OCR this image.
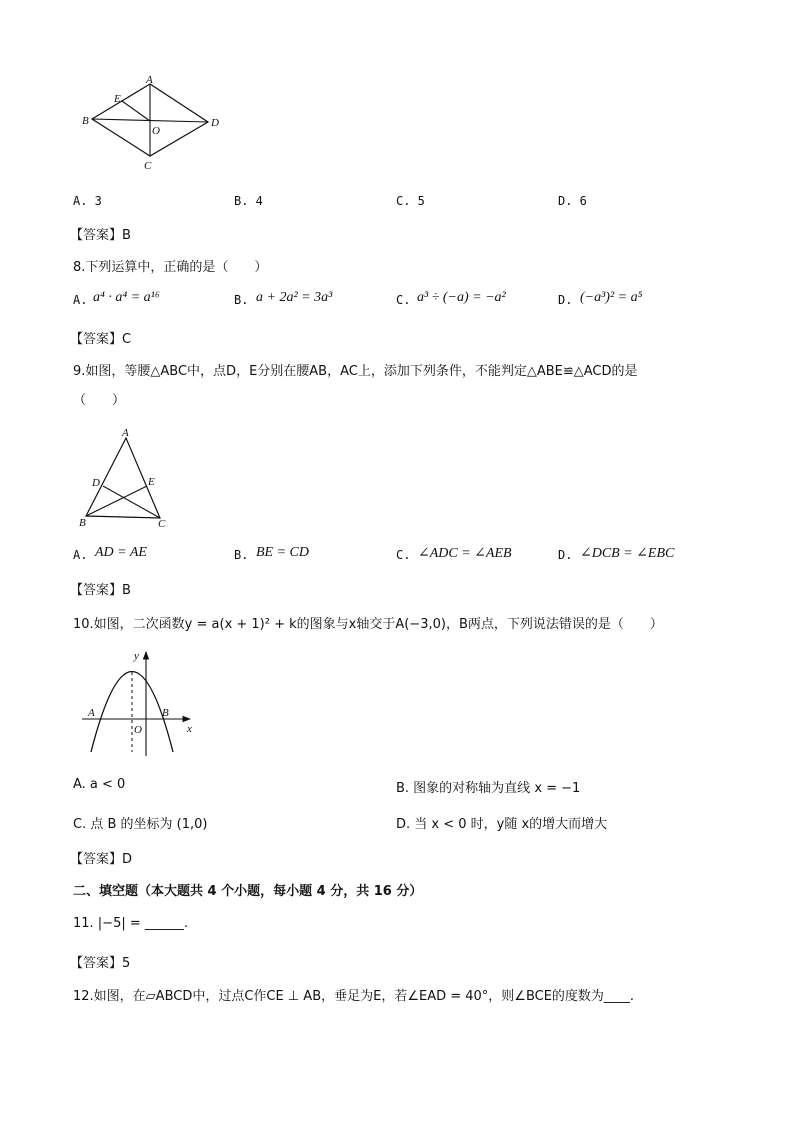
A
B
C
D
E
O
A. 3	B. 4	C. 5	D. 6
【答案】B
8.下列运算中，正确的是（　　）
A. a⁴ · a⁴ = a¹⁶	B. a + 2a² = 3a³	C. a³ ÷ (−a) = −a²	D. (−a³)² = a⁵
【答案】C
9.如图，等腰△ABC中，点D，E分别在腰AB，AC上，添加下列条件，不能判定△ABE≌△ACD的是
（　　）
A
D	E
B	C
A. AD = AE	B. BE = CD	C. ∠ADC = ∠AEB	D. ∠DCB = ∠EBC
【答案】B
10.如图，二次函数y = a(x + 1)² + k的图象与x轴交于A(−3,0)，B两点，下列说法错误的是（　　）
A	B
O	x
y
A. a < 0	B. 图象的对称轴为直线 x = −1
C. 点 B 的坐标为 (1,0)	D. 当 x < 0 时，y随 x的增大而增大
【答案】D
二、填空题（本大题共 4 个小题，每小题 4 分，共 16 分）
11. |−5| = ______.
【答案】5
12.如图，在▱ABCD中，过点C作CE ⊥ AB，垂足为E，若∠EAD = 40°，则∠BCE的度数为____.
